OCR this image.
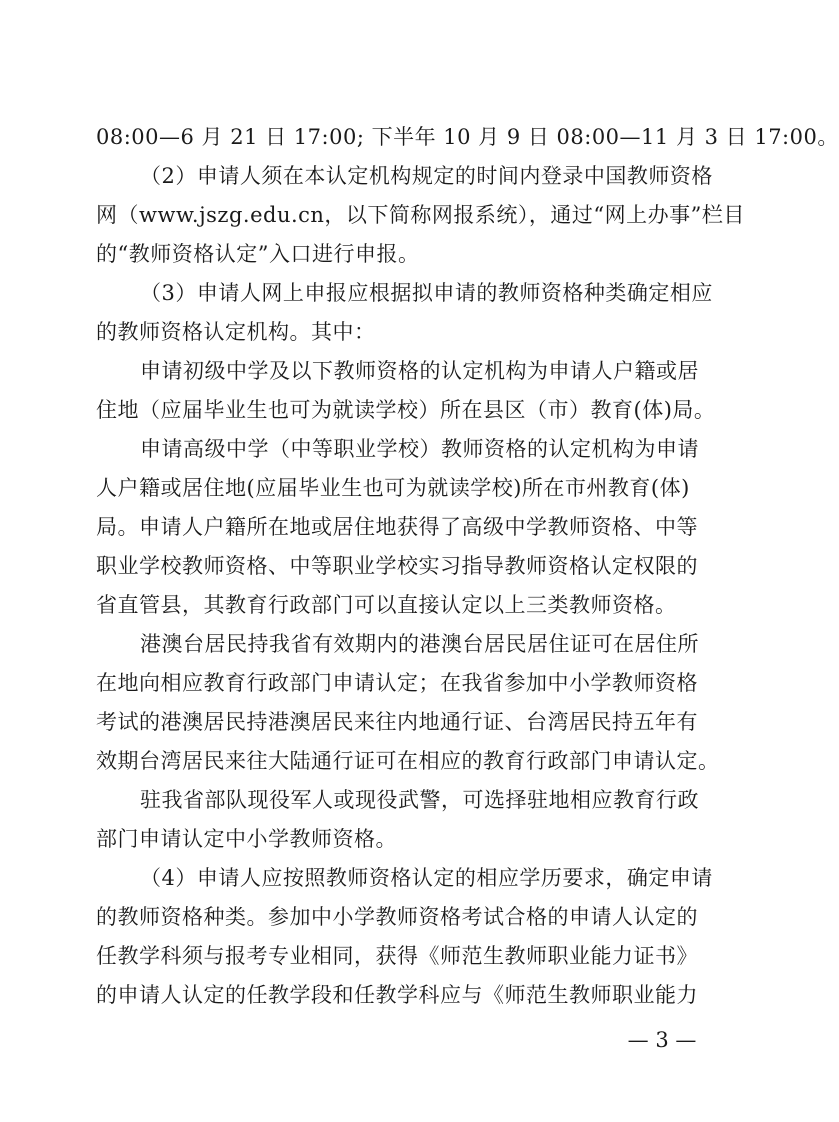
08:00—6 月 21 日 17:00; 下半年 10 月 9 日 08:00—11 月 3 日 17:00。
（2）申请人须在本认定机构规定的时间内登录中国教师资格
网（www.jszg.edu.cn，以下简称网报系统），通过“网上办事”栏目
的“教师资格认定”入口进行申报。
（3）申请人网上申报应根据拟申请的教师资格种类确定相应
的教师资格认定机构。其中：
申请初级中学及以下教师资格的认定机构为申请人户籍或居
住地（应届毕业生也可为就读学校）所在县区（市）教育(体)局。
申请高级中学（中等职业学校）教师资格的认定机构为申请
人户籍或居住地(应届毕业生也可为就读学校)所在市州教育(体)
局。申请人户籍所在地或居住地获得了高级中学教师资格、中等
职业学校教师资格、中等职业学校实习指导教师资格认定权限的
省直管县，其教育行政部门可以直接认定以上三类教师资格。
港澳台居民持我省有效期内的港澳台居民居住证可在居住所
在地向相应教育行政部门申请认定；在我省参加中小学教师资格
考试的港澳居民持港澳居民来往内地通行证、台湾居民持五年有
效期台湾居民来往大陆通行证可在相应的教育行政部门申请认定。
驻我省部队现役军人或现役武警，可选择驻地相应教育行政
部门申请认定中小学教师资格。
（4）申请人应按照教师资格认定的相应学历要求，确定申请
的教师资格种类。参加中小学教师资格考试合格的申请人认定的
任教学科须与报考专业相同，获得《师范生教师职业能力证书》
的申请人认定的任教学段和任教学科应与《师范生教师职业能力
— 3 —
